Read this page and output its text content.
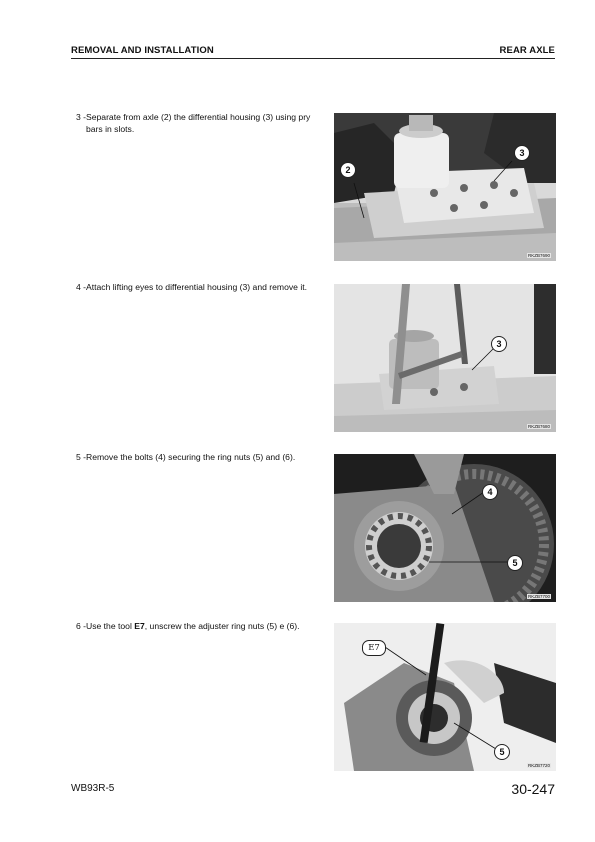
REMOVAL AND INSTALLATION	REAR AXLE
3 - Separate from axle (2) the differential housing (3) using pry bars in slots.
2
3
RKZB7690
4 - Attach lifting eyes to differential housing (3) and remove it.
3
RKZB7680
5 - Remove the bolts (4) securing the ring nuts (5) and (6).
4
5
RKZB7700
6 - Use the tool E7, unscrew the adjuster ring nuts (5) e (6).
E7
5
RKZB7720
WB93R-5	30-247
